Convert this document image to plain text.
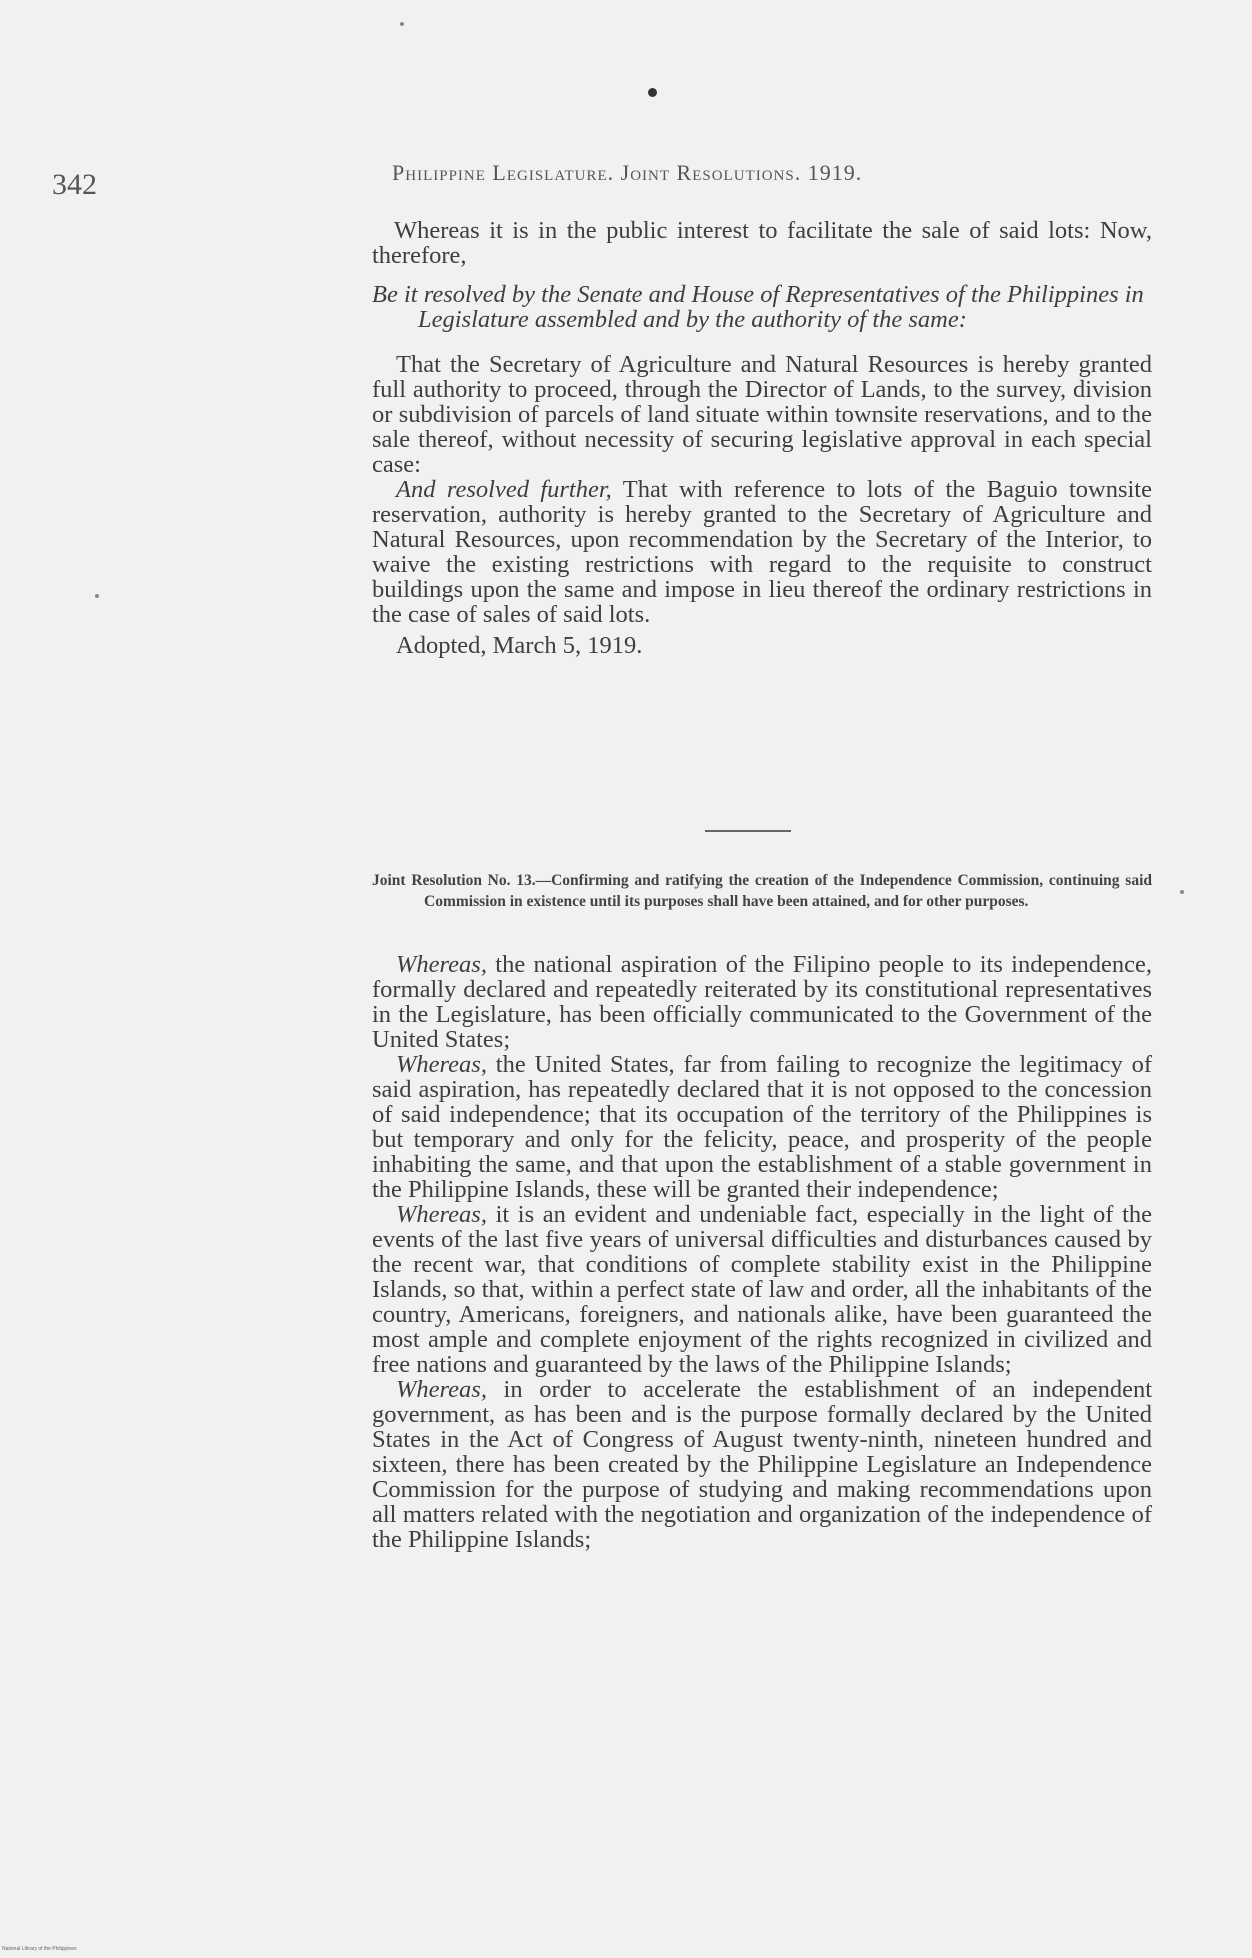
342	Philippine Legislature. Joint Resolutions. 1919.

Whereas it is in the public interest to facilitate the sale of said lots: Now, therefore,

Be it resolved by the Senate and House of Representatives of the Philippines in Legislature assembled and by the authority of the same:

That the Secretary of Agriculture and Natural Resources is hereby granted full authority to proceed, through the Director of Lands, to the survey, division or subdivision of parcels of land situate within townsite reservations, and to the sale thereof, without necessity of securing legislative approval in each special case:

And resolved further, That with reference to lots of the Baguio townsite reservation, authority is hereby granted to the Secretary of Agriculture and Natural Resources, upon recommendation by the Secretary of the Interior, to waive the existing restrictions with regard to the requisite to construct buildings upon the same and impose in lieu thereof the ordinary restrictions in the case of sales of said lots.

Adopted, March 5, 1919.

Joint Resolution No. 13.—Confirming and ratifying the creation of the Independence Commission, continuing said Commission in existence until its purposes shall have been attained, and for other purposes.

Whereas, the national aspiration of the Filipino people to its independence, formally declared and repeatedly reiterated by its constitutional representatives in the Legislature, has been officially communicated to the Government of the United States;

Whereas, the United States, far from failing to recognize the legitimacy of said aspiration, has repeatedly declared that it is not opposed to the concession of said independence; that its occupation of the territory of the Philippines is but temporary and only for the felicity, peace, and prosperity of the people inhabiting the same, and that upon the establishment of a stable government in the Philippine Islands, these will be granted their independence;

Whereas, it is an evident and undeniable fact, especially in the light of the events of the last five years of universal difficulties and disturbances caused by the recent war, that conditions of complete stability exist in the Philippine Islands, so that, within a perfect state of law and order, all the inhabitants of the country, Americans, foreigners, and nationals alike, have been guaranteed the most ample and complete enjoyment of the rights recognized in civilized and free nations and guaranteed by the laws of the Philippine Islands;

Whereas, in order to accelerate the establishment of an independent government, as has been and is the purpose formally declared by the United States in the Act of Congress of August twenty-ninth, nineteen hundred and sixteen, there has been created by the Philippine Legislature an Independence Commission for the purpose of studying and making recommendations upon all matters related with the negotiation and organization of the independence of the Philippine Islands;

National Library of the Philippines
